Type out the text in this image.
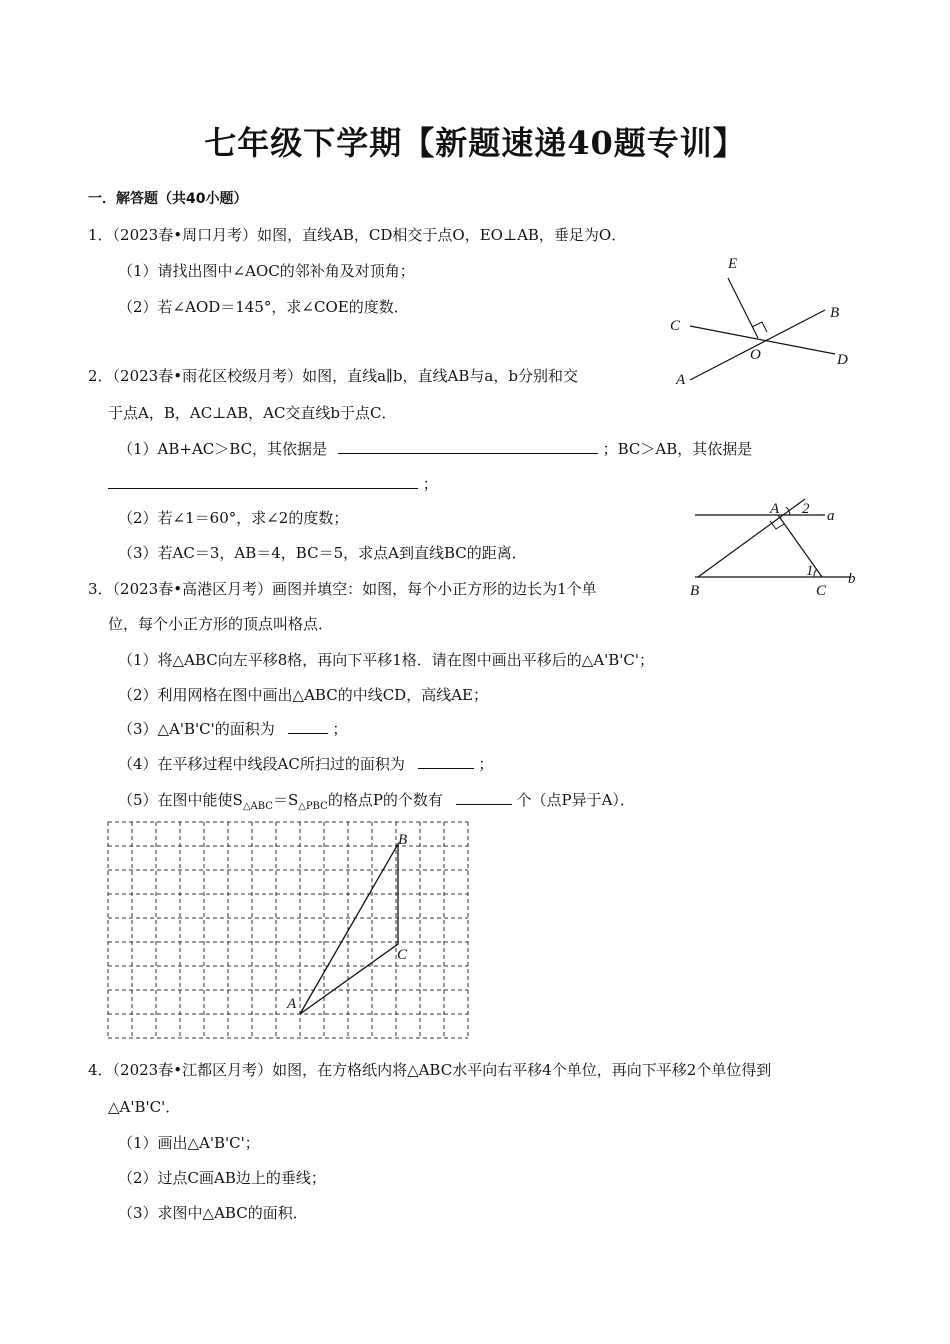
七年级下学期【新题速递40题专训】
一．解答题（共40小题）
1．（2023春•周口月考）如图，直线AB，CD相交于点O，EO⊥AB，垂足为O．
（1）请找出图中∠AOC的邻补角及对顶角；
（2）若∠AOD＝145°，求∠COE的度数．
E
B
C
O	D
A
2．（2023春•雨花区校级月考）如图，直线a∥b，直线AB与a，b分别和交
于点A，B，AC⊥AB，AC交直线b于点C．
（1）AB+AC＞BC，其依据是	；BC＞AB，其依据是
；
（2）若∠1＝60°，求∠2的度数；
（3）若AC＝3，AB＝4，BC＝5，求点A到直线BC的距离．
A 2 a
1
B	C
b
3．（2023春•高港区月考）画图并填空：如图，每个小正方形的边长为1个单
位，每个小正方形的顶点叫格点．
（1）将△ABC向左平移8格，再向下平移1格．请在图中画出平移后的△A'B'C'；
（2）利用网格在图中画出△ABC的中线CD，高线AE；
（3）△A'B'C'的面积为	；
（4）在平移过程中线段AC所扫过的面积为	；
（5）在图中能使$S_{\triangle ABC}=S_{\triangle PBC}$的格点P的个数有	个（点P异于A）．
B
C
A
4．（2023春•江都区月考）如图，在方格纸内将△ABC水平向右平移4个单位，再向下平移2个单位得到
△A'B'C'．
（1）画出△A'B'C'；
（2）过点C画AB边上的垂线；
（3）求图中△ABC的面积．
